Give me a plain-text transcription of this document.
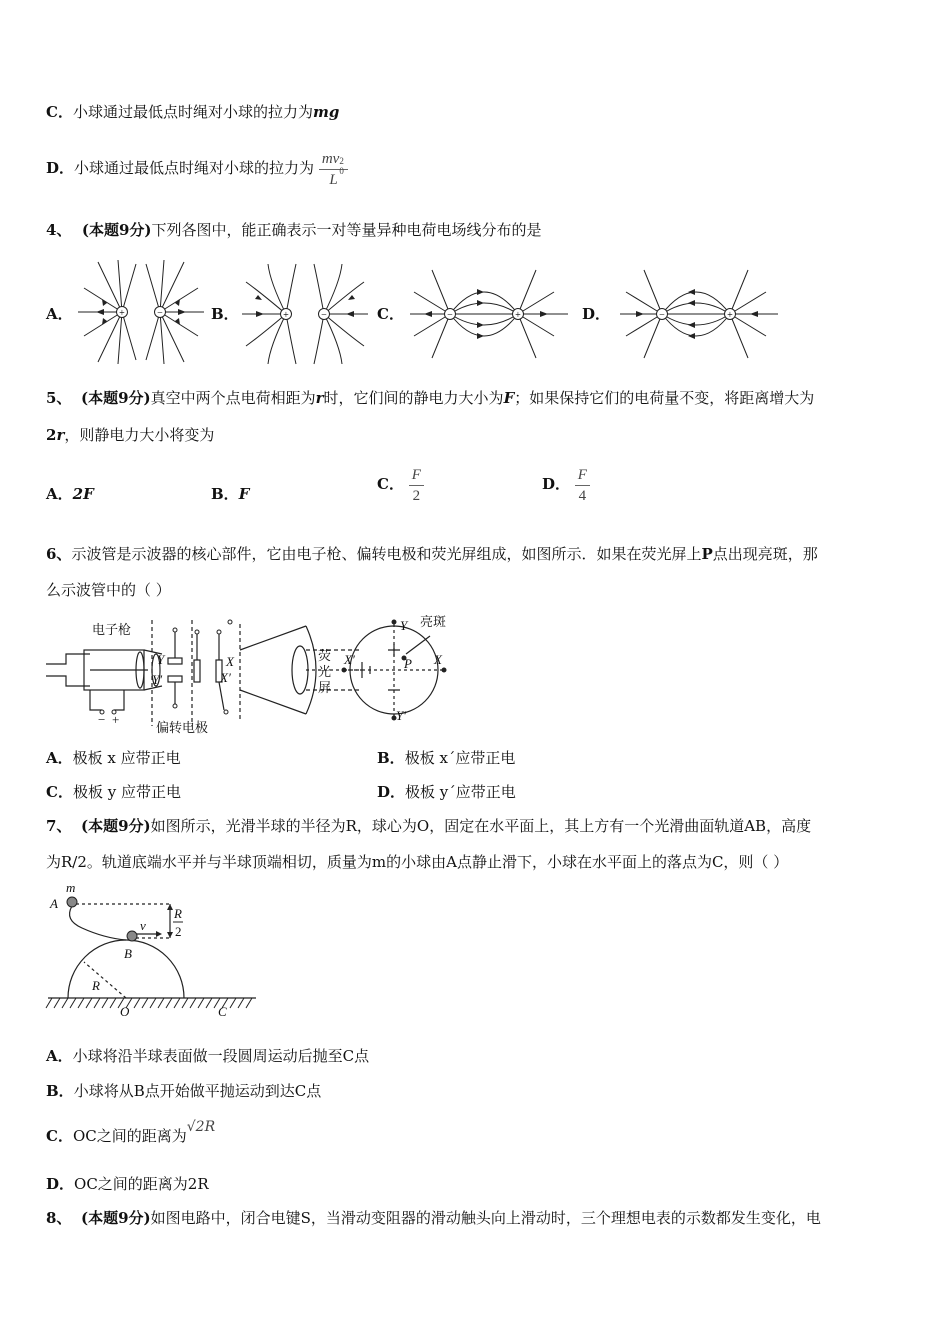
C．小球通过最低点时绳对小球的拉力为mg
D．小球通过最低点时绳对小球的拉力为 mv 2
0
L
4、 (本题9分)下列各图中，能正确表示一对等量异种电荷电场线分布的是
A．	B．	C．	D．
+	−	+	−	−	+	−	+
5、 (本题9分)真空中两个点电荷相距为r时，它们间的静电力大小为F；如果保持它们的电荷量不变，将距离增大为
2r，则静电力大小将变为
A．2F	B．F
C． $\frac{F}{2}$	D． $\frac{F}{4}$
6、示波管是示波器的核心部件，它由电子枪、偏转电极和荧光屏组成，如图所示．如果在荧光屏上P点出现亮斑，那
么示波管中的（ ）
电子枪
偏转电极
荧
光
屏
亮斑
− +
Y
Y′
X
X′
Y
Y′
X′	X
P
A．极板 x 应带正电	B．极板 x´应带正电
C．极板 y 应带正电	D．极板 y´应带正电
7、 (本题9分)如图所示，光滑半球的半径为R，球心为O，固定在水平面上，其上方有一个光滑曲面轨道AB，高度
为R/2。轨道底端水平并与半球顶端相切，质量为m的小球由A点静止滑下，小球在水平面上的落点为C，则（ ）
m
A
B
v
R
R
2
O	C
A．小球将沿半球表面做一段圆周运动后抛至C点
B．小球将从B点开始做平抛运动到达C点
C．OC之间的距离为√2R
D．OC之间的距离为2R
8、 (本题9分)如图电路中，闭合电键S，当滑动变阻器的滑动触头向上滑动时，三个理想电表的示数都发生变化，电
